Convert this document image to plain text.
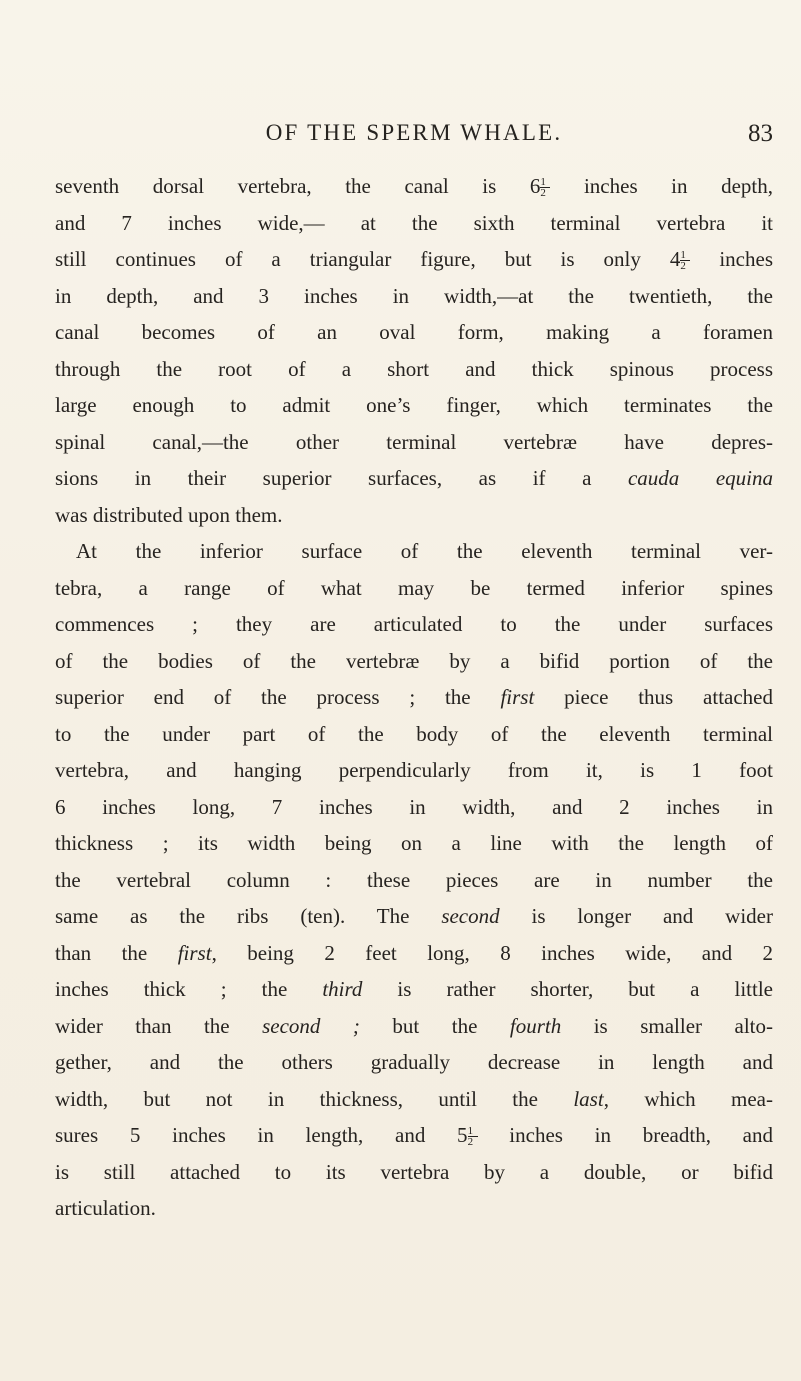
OF THE SPERM WHALE.	83
seventh dorsal vertebra, the canal is $6 \frac{1}{2}$ inches in depth,
and 7 inches wide,— at the sixth terminal vertebra it
still continues of a triangular figure, but is only $4 \frac{1}{2}$ inches
in depth, and 3 inches in width,—at the twentieth, the
canal becomes of an oval form, making a foramen
through the root of a short and thick spinous process
large enough to admit one’s finger, which terminates the
spinal canal,—the other terminal vertebræ have depres-
sions in their superior surfaces, as if a cauda equina
was distributed upon them.
At the inferior surface of the eleventh terminal ver-
tebra, a range of what may be termed inferior spines
commences ; they are articulated to the under surfaces
of the bodies of the vertebræ by a bifid portion of the
superior end of the process ; the first piece thus attached
to the under part of the body of the eleventh terminal
vertebra, and hanging perpendicularly from it, is 1 foot
6 inches long, 7 inches in width, and 2 inches in
thickness ; its width being on a line with the length of
the vertebral column : these pieces are in number the
same as the ribs (ten). The second is longer and wider
than the first, being 2 feet long, 8 inches wide, and 2
inches thick ; the third is rather shorter, but a little
wider than the second ; but the fourth is smaller alto-
gether, and the others gradually decrease in length and
width, but not in thickness, until the last, which mea-
sures 5 inches in length, and $5 \frac{1}{2}$ inches in breadth, and
is still attached to its vertebra by a double, or bifid
articulation.
